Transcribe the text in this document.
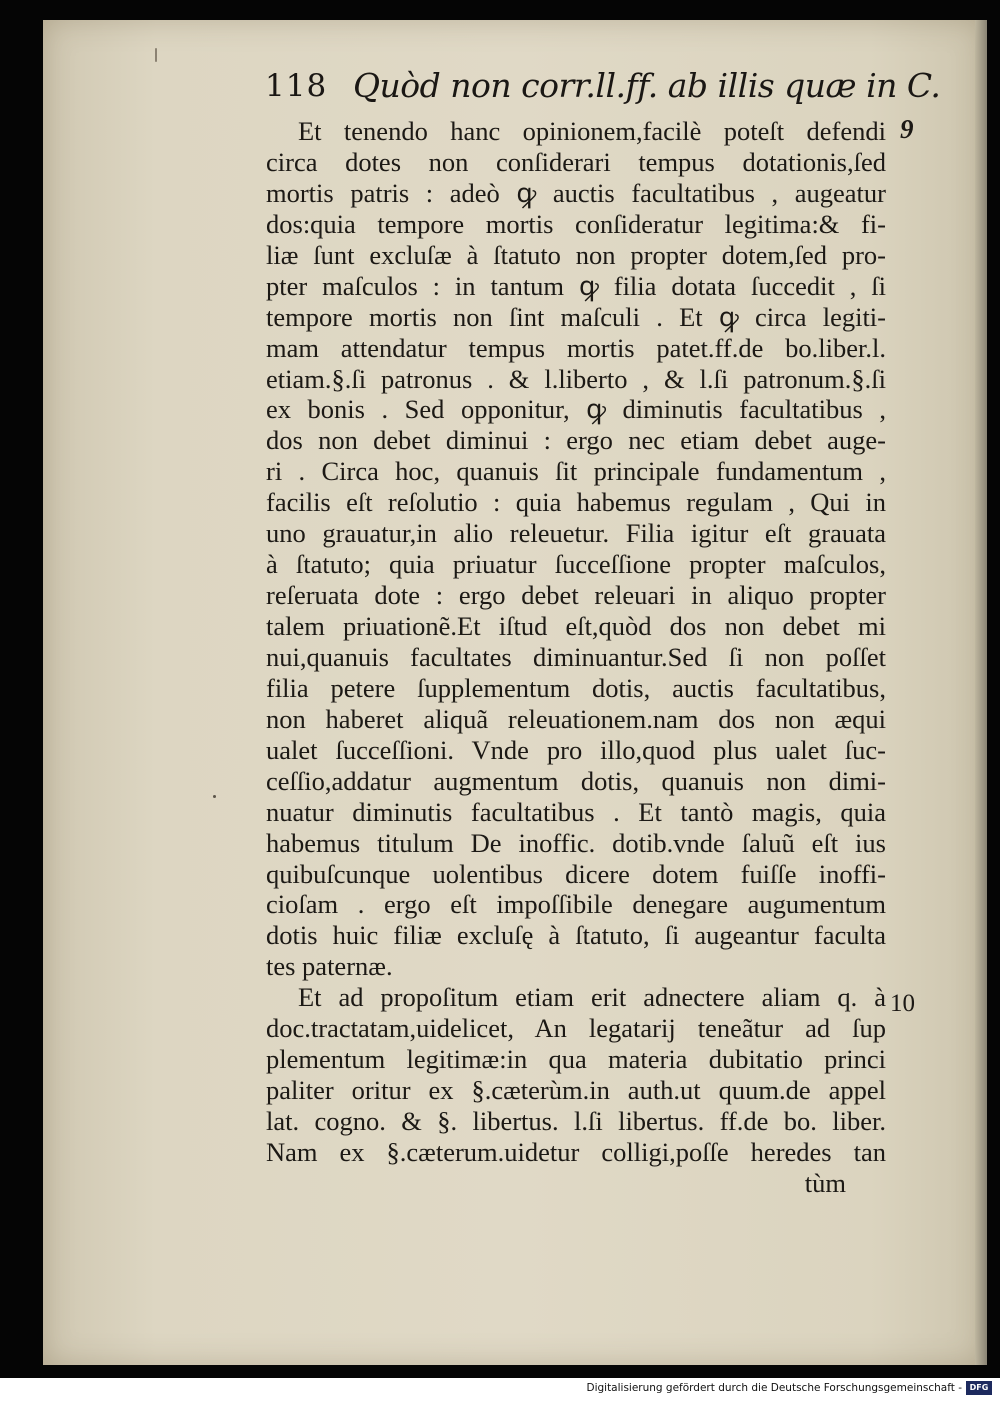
118 Quòd non corr.ll.ff. ab illis quæ in C.
9
10
Et tenendo hanc opinionem,facilè poteſt defendi
circa dotes non conſiderari tempus dotationis,ſed
mortis patris : adeò ꝙ auctis facultatibus , augeatur
dos:quia tempore mortis conſideratur legitima:& fi-
liæ ſunt excluſæ à ſtatuto non propter dotem,ſed pro-
pter maſculos : in tantum ꝙ filia dotata ſuccedit , ſi
tempore mortis non ſint maſculi . Et ꝙ circa legiti-
mam attendatur tempus mortis patet.ff.de bo.liber.l.
etiam.§.ſi patronus . & l.liberto , & l.ſi patronum.§.ſi
ex bonis . Sed opponitur, ꝙ diminutis facultatibus ,
dos non debet diminui : ergo nec etiam debet auge-
ri . Circa hoc, quanuis ſit principale fundamentum ,
facilis eſt reſolutio : quia habemus regulam , Qui in
uno grauatur,in alio releuetur. Filia igitur eſt grauata
à ſtatuto; quia priuatur ſucceſſione propter maſculos,
reſeruata dote : ergo debet releuari in aliquo propter
talem priuationẽ.Et iſtud eſt,quòd dos non debet mi
nui,quanuis facultates diminuantur.Sed ſi non poſſet
filia petere ſupplementum dotis, auctis facultatibus,
non haberet aliquã releuationem.nam dos non æqui
ualet ſucceſſioni. Vnde pro illo,quod plus ualet ſuc-
ceſſio,addatur augmentum dotis, quanuis non dimi-
nuatur diminutis facultatibus . Et tantò magis, quia
habemus titulum De inoffic. dotib.vnde ſaluũ eſt ius
quibuſcunque uolentibus dicere dotem fuiſſe inoffi-
cioſam . ergo eſt impoſſibile denegare augumentum
dotis huic filiæ excluſę à ſtatuto, ſi augeantur faculta
tes paternæ.
Et ad propoſitum etiam erit adnectere aliam q. à
doc.tractatam,uidelicet, An legatarij teneãtur ad ſup
plementum legitimæ:in qua materia dubitatio princi
paliter oritur ex §.cæterùm.in auth.ut quum.de appel
lat. cogno. & §. libertus. l.ſi libertus. ff.de bo. liber.
Nam ex §.cæterum.uidetur colligi,poſſe heredes tan
tùm
Digitalisierung gefördert durch die Deutsche Forschungsgemeinschaft - DFG
